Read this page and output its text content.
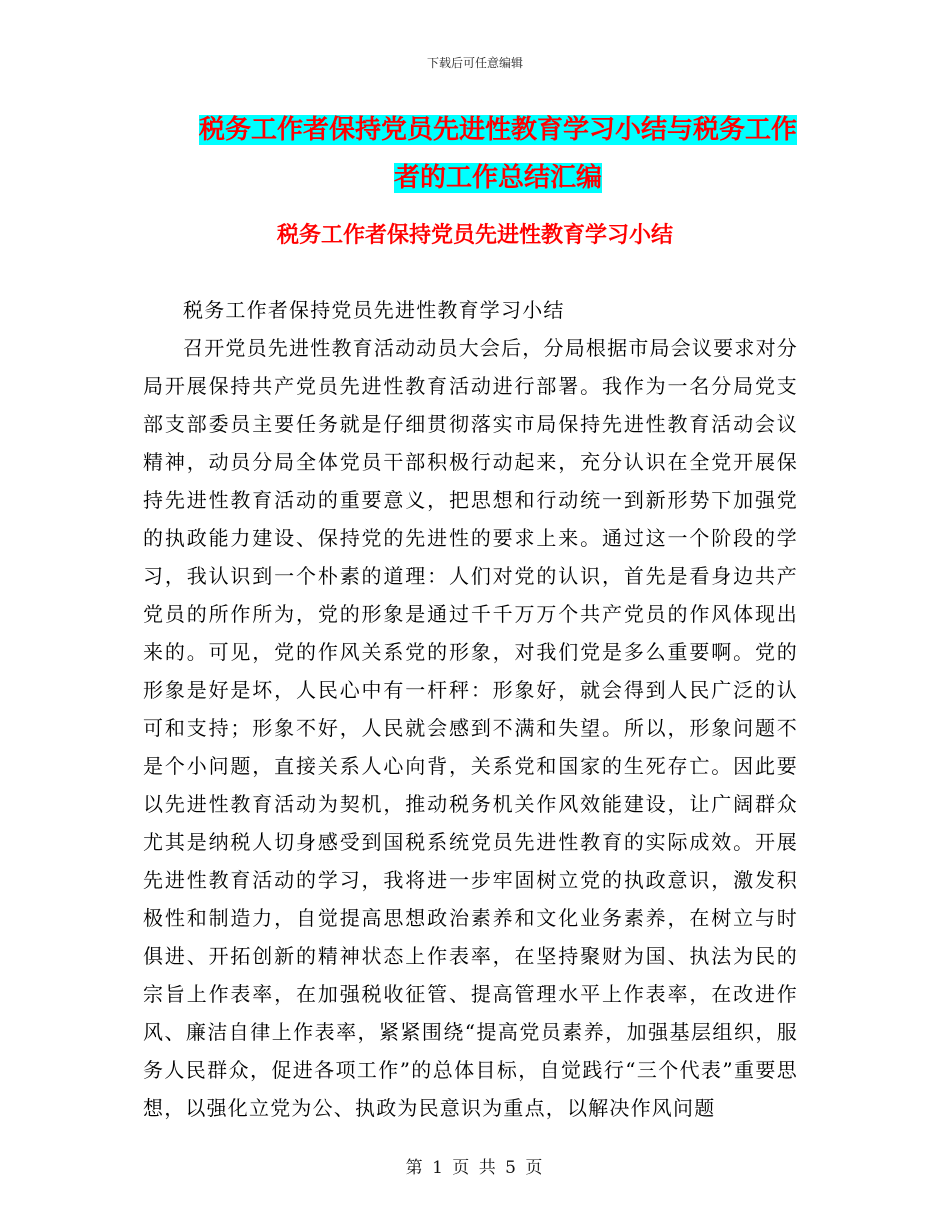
下载后可任意编辑
税务工作者保持党员先进性教育学习小结与税务工作
者的工作总结汇编
税务工作者保持党员先进性教育学习小结

税务工作者保持党员先进性教育学习小结

召开党员先进性教育活动动员大会后，分局根据市局会议要求对分局开展保持共产党员先进性教育活动进行部署。我作为一名分局党支部支部委员主要任务就是仔细贯彻落实市局保持先进性教育活动会议精神，动员分局全体党员干部积极行动起来，充分认识在全党开展保持先进性教育活动的重要意义，把思想和行动统一到新形势下加强党的执政能力建设、保持党的先进性的要求上来。通过这一个阶段的学习，我认识到一个朴素的道理：人们对党的认识，首先是看身边共产党员的所作所为，党的形象是通过千千万万个共产党员的作风体现出来的。可见，党的作风关系党的形象，对我们党是多么重要啊。党的形象是好是坏，人民心中有一杆秤：形象好，就会得到人民广泛的认可和支持；形象不好，人民就会感到不满和失望。所以，形象问题不是个小问题，直接关系人心向背，关系党和国家的生死存亡。因此要以先进性教育活动为契机，推动税务机关作风效能建设，让广阔群众尤其是纳税人切身感受到国税系统党员先进性教育的实际成效。开展先进性教育活动的学习，我将进一步牢固树立党的执政意识，激发积极性和制造力，自觉提高思想政治素养和文化业务素养，在树立与时俱进、开拓创新的精神状态上作表率，在坚持聚财为国、执法为民的宗旨上作表率，在加强税收征管、提高管理水平上作表率，在改进作风、廉洁自律上作表率，紧紧围绕“提高党员素养，加强基层组织，服务人民群众，促进各项工作”的总体目标，自觉践行“三个代表”重要思想，以强化立党为公、执政为民意识为重点，以解决作风问题

第 1 页 共 5 页
